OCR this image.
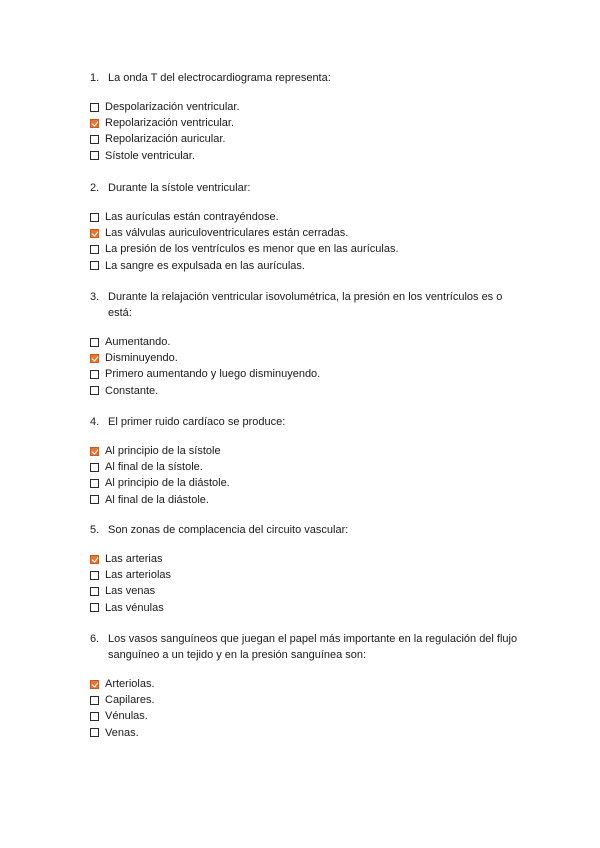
1. La onda T del electrocardiograma representa:
Despolarización ventricular.
Repolarización ventricular.
Repolarización auricular.
Sístole ventricular.
2. Durante la sístole ventricular:
Las aurículas están contrayéndose.
Las válvulas auriculoventriculares están cerradas.
La presión de los ventrículos es menor que en las aurículas.
La sangre es expulsada en las aurículas.
3. Durante la relajación ventricular isovolumétrica, la presión en los ventrículos es o está:
Aumentando.
Disminuyendo.
Primero aumentando y luego disminuyendo.
Constante.
4. El primer ruido cardíaco se produce:
Al principio de la sístole
Al final de la sístole.
Al principio de la diástole.
Al final de la diástole.
5. Son zonas de complacencia del circuito vascular:
Las arterias
Las arteriolas
Las venas
Las vénulas
6. Los vasos sanguíneos que juegan el papel más importante en la regulación del flujo sanguíneo a un tejido y en la presión sanguínea son:
Arteriolas.
Capilares.
Vénulas.
Venas.
